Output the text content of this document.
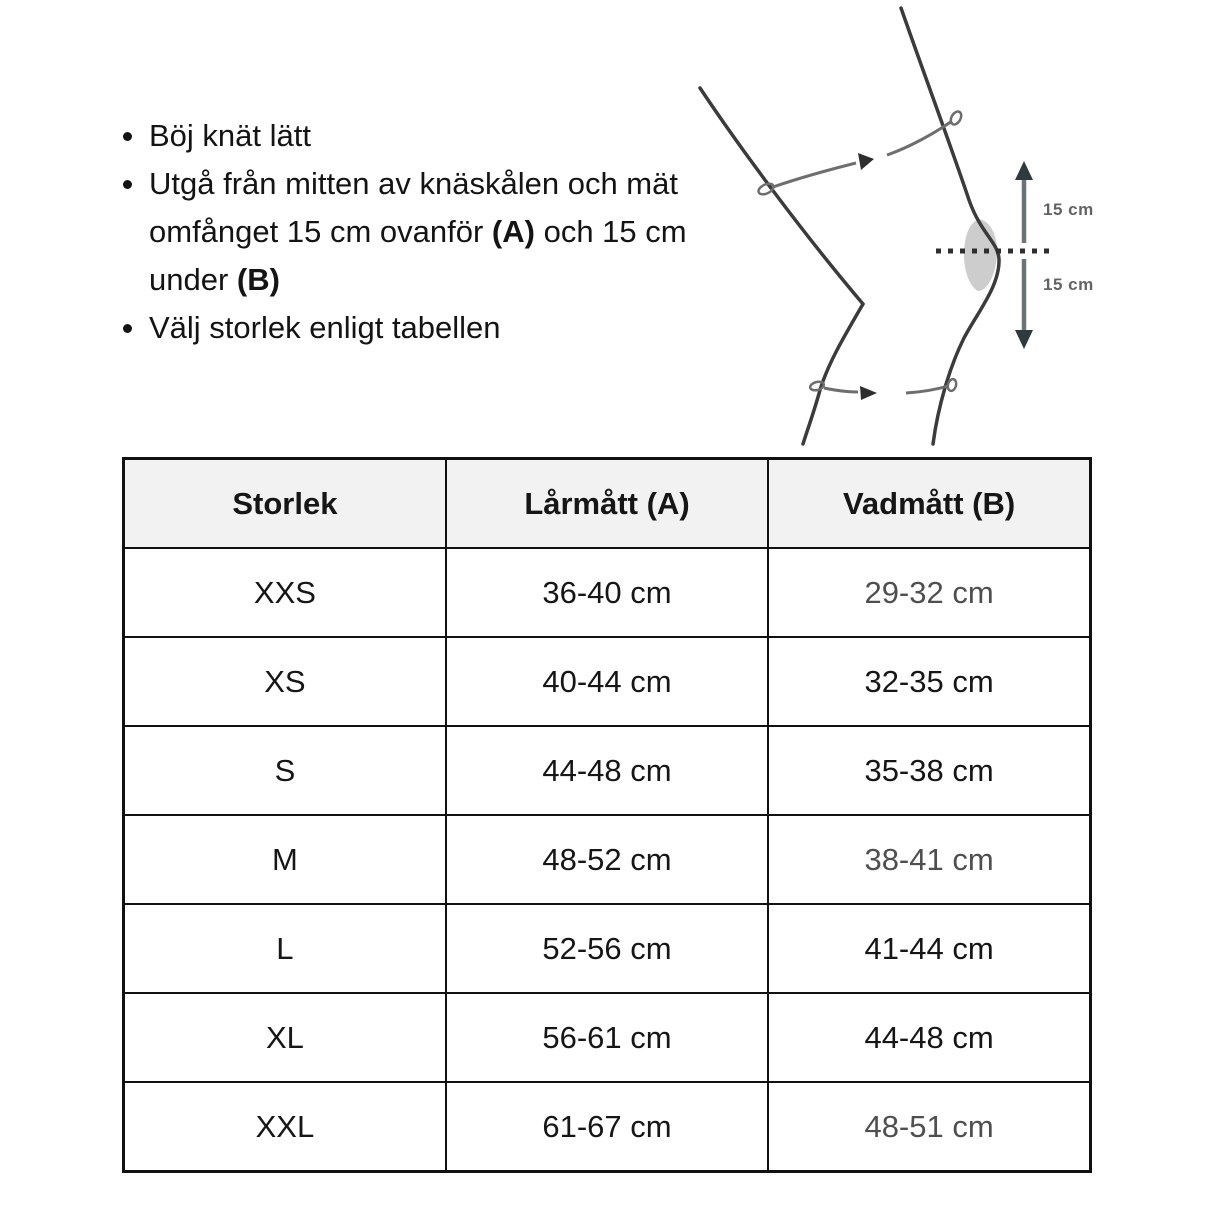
Böj knät lätt
Utgå från mitten av knäskålen och mät omfånget 15 cm ovanför (A) och 15 cm under (B)
Välj storlek enligt tabellen
15 cm
15 cm
Storlek	Lårmått (A)	Vadmått (B)
XXS	36-40 cm	29-32 cm
XS	40-44 cm	32-35 cm
S	44-48 cm	35-38 cm
M	48-52 cm	38-41 cm
L	52-56 cm	41-44 cm
XL	56-61 cm	44-48 cm
XXL	61-67 cm	48-51 cm
